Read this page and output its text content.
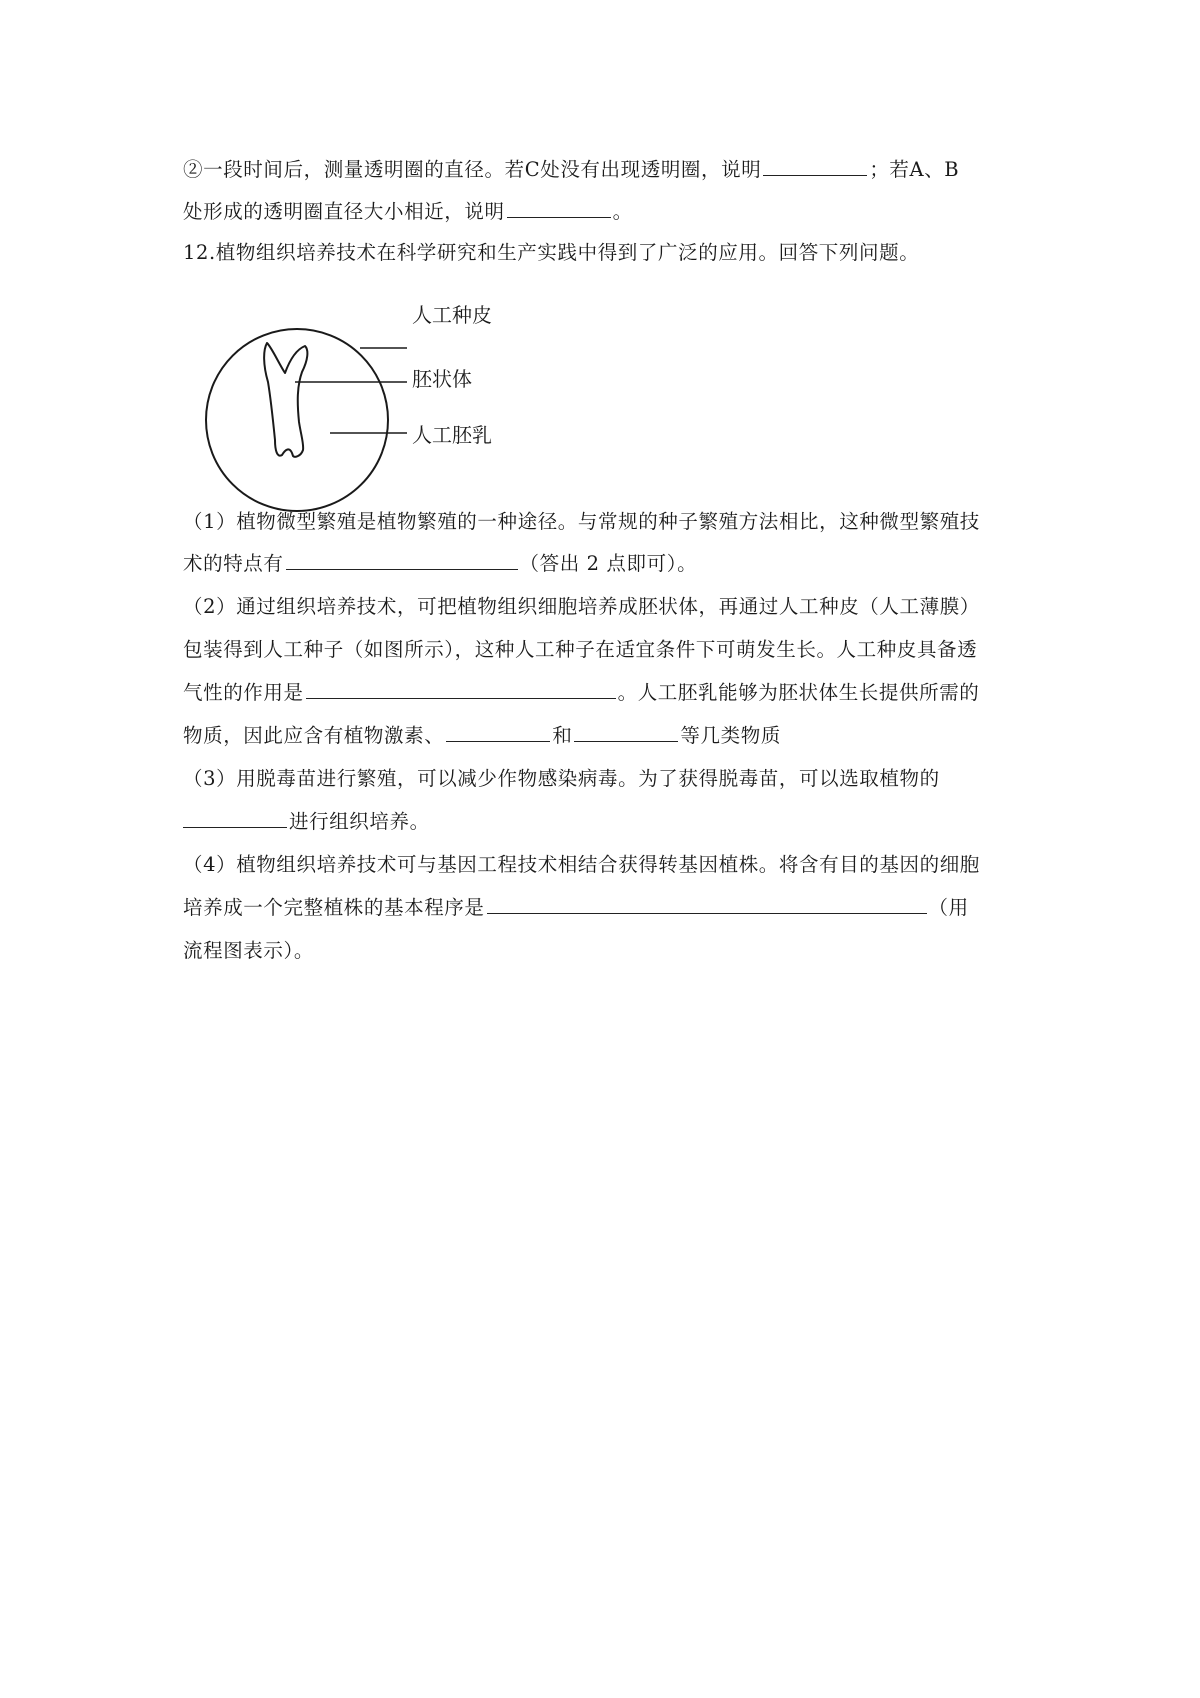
②一段时间后，测量透明圈的直径。若C处没有出现透明圈，说明	；若A、B
处形成的透明圈直径大小相近，说明	。
12.植物组织培养技术在科学研究和生产实践中得到了广泛的应用。回答下列问题。
人工种皮
胚状体
人工胚乳
（1）植物微型繁殖是植物繁殖的一种途径。与常规的种子繁殖方法相比，这种微型繁殖技
术的特点有	（答出 2 点即可）。
（2）通过组织培养技术，可把植物组织细胞培养成胚状体，再通过人工种皮（人工薄膜）
包装得到人工种子（如图所示），这种人工种子在适宜条件下可萌发生长。人工种皮具备透
气性的作用是	。人工胚乳能够为胚状体生长提供所需的
物质，因此应含有植物激素、	和	等几类物质
（3）用脱毒苗进行繁殖，可以减少作物感染病毒。为了获得脱毒苗，可以选取植物的
进行组织培养。
（4）植物组织培养技术可与基因工程技术相结合获得转基因植株。将含有目的基因的细胞
培养成一个完整植株的基本程序是	（用
流程图表示）。
